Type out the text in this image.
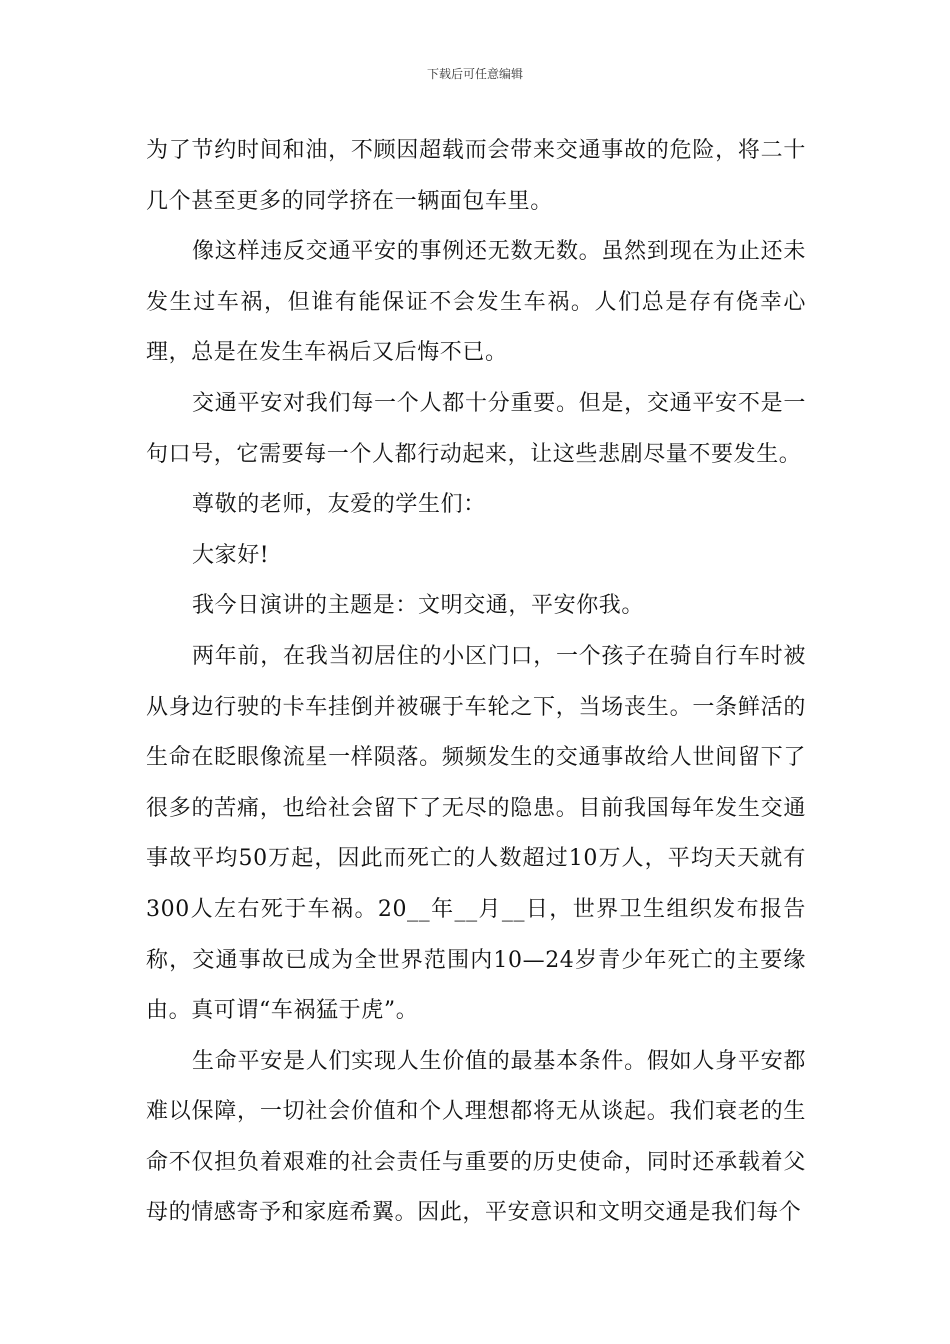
下载后可任意编辑

为了节约时间和油，不顾因超载而会带来交通事故的危险，将二十几个甚至更多的同学挤在一辆面包车里。

像这样违反交通平安的事例还无数无数。虽然到现在为止还未发生过车祸，但谁有能保证不会发生车祸。人们总是存有侥幸心理，总是在发生车祸后又后悔不已。

交通平安对我们每一个人都十分重要。但是，交通平安不是一句口号，它需要每一个人都行动起来，让这些悲剧尽量不要发生。

尊敬的老师，友爱的学生们：

大家好!

我今日演讲的主题是：文明交通，平安你我。

两年前，在我当初居住的小区门口，一个孩子在骑自行车时被从身边行驶的卡车挂倒并被碾于车轮之下，当场丧生。一条鲜活的生命在眨眼像流星一样陨落。频频发生的交通事故给人世间留下了很多的苦痛，也给社会留下了无尽的隐患。目前我国每年发生交通事故平均50万起，因此而死亡的人数超过10万人，平均天天就有300人左右死于车祸。20__年__月__日，世界卫生组织发布报告称，交通事故已成为全世界范围内10—24岁青少年死亡的主要缘由。真可谓“车祸猛于虎”。

生命平安是人们实现人生价值的最基本条件。假如人身平安都难以保障，一切社会价值和个人理想都将无从谈起。我们衰老的生命不仅担负着艰难的社会责任与重要的历史使命，同时还承载着父母的情感寄予和家庭希翼。因此，平安意识和文明交通是我们每个
